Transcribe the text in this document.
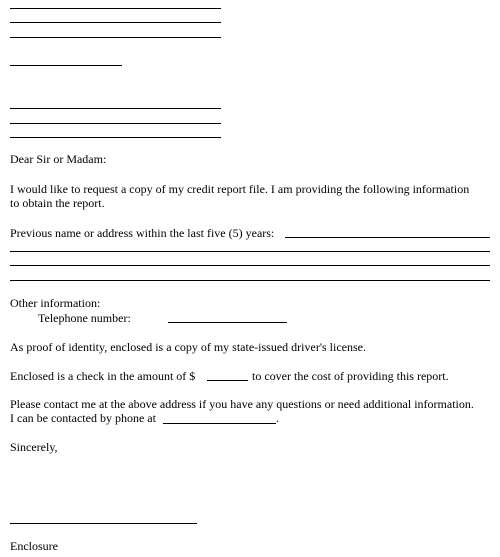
Dear Sir or Madam:
I would like to request a copy of my credit report file. I am providing the following information
to obtain the report.
Previous name or address within the last five (5) years:
Other information:
Telephone number:
As proof of identity, enclosed is a copy of my state-issued driver's license.
Enclosed is a check in the amount of $	to cover the cost of providing this report.
Please contact me at the above address if you have any questions or need additional information.
I can be contacted by phone at	.
Sincerely,
Enclosure
